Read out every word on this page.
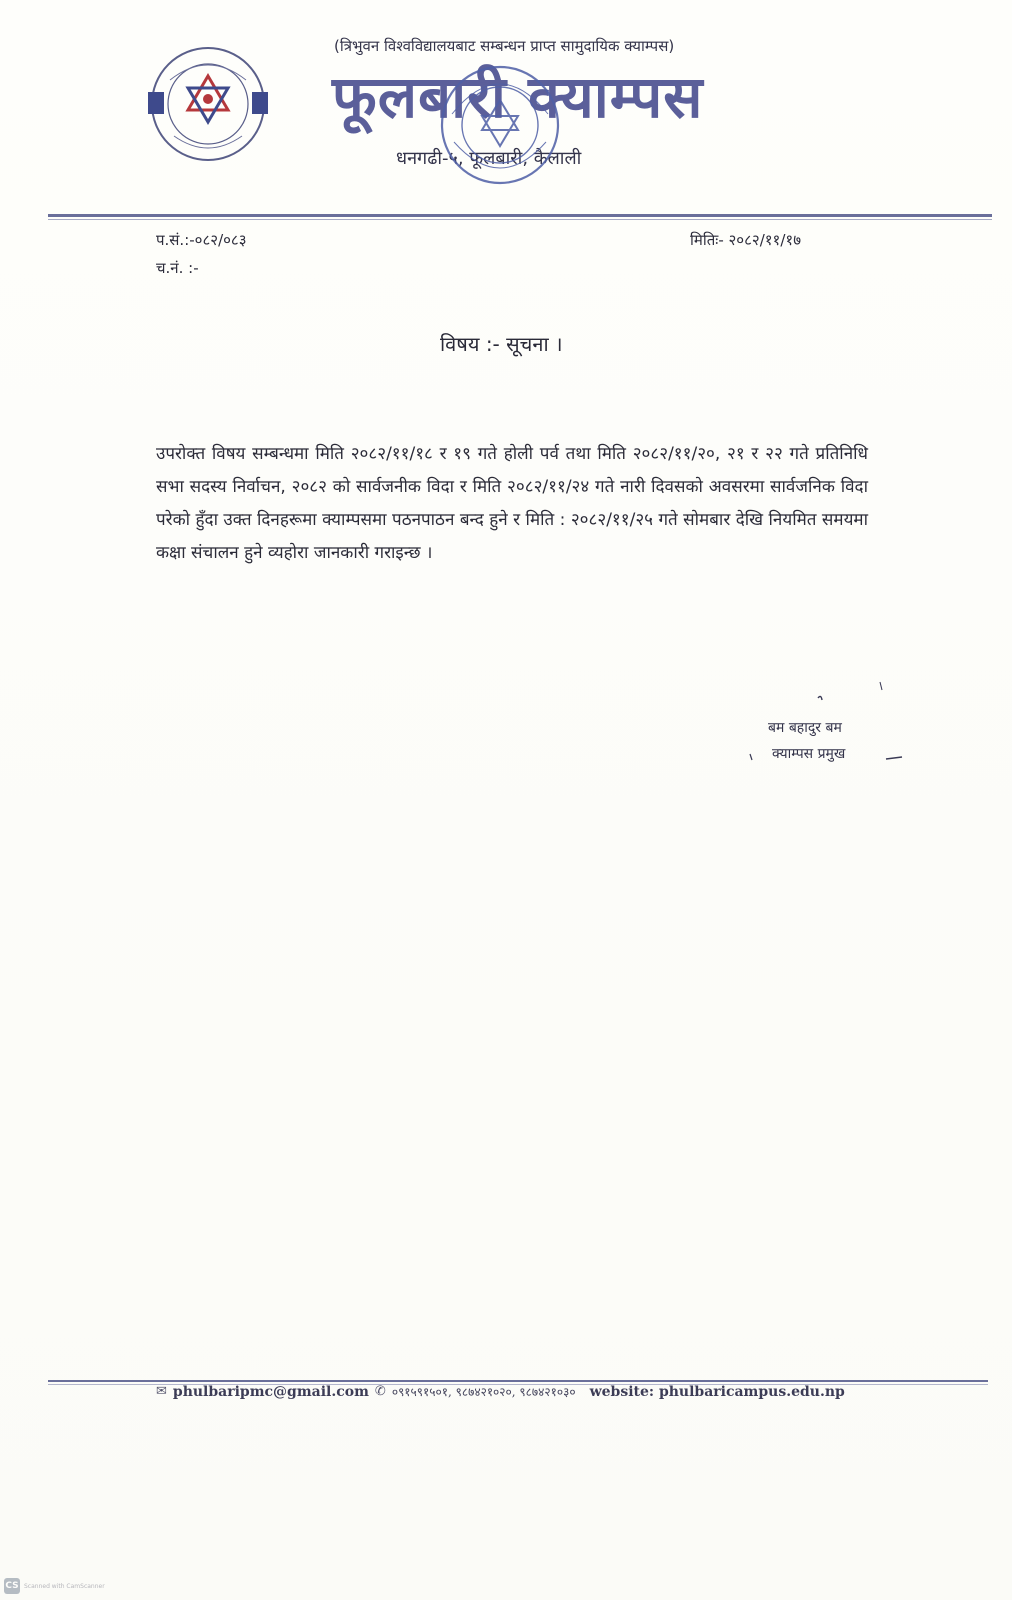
(त्रिभुवन विश्वविद्यालयबाट सम्बन्धन प्राप्त सामुदायिक क्याम्पस)
फूलबारी क्याम्पस
धनगढी-५, फूलबारी, कैलाली
प.सं.:-०८२/०८३
च.नं. :-
मितिः- २०८२/११/१७
विषय :- सूचना ।
उपरोक्त विषय सम्बन्धमा मिति २०८२/११/१८ र १९ गते होली पर्व तथा मिति २०८२/११/२०, २१ र २२ गते प्रतिनिधि सभा सदस्य निर्वाचन, २०८२ को सार्वजनीक विदा र मिति २०८२/११/२४ गते नारी दिवसको अवसरमा सार्वजनिक विदा परेको हुँदा उक्त दिनहरूमा क्याम्पसमा पठनपाठन बन्द हुने र मिति : २०८२/११/२५ गते सोमबार देखि नियमित समयमा कक्षा संचालन हुने व्यहोरा जानकारी गराइन्छ ।
बम बहादुर बम
क्याम्पस प्रमुख
✉ phulbaripmc@gmail.com ✆ ०९१५९१५०१, ९८७४२१०२०, ९८७४२१०३० website: phulbaricampus.edu.np
CS Scanned with CamScanner
